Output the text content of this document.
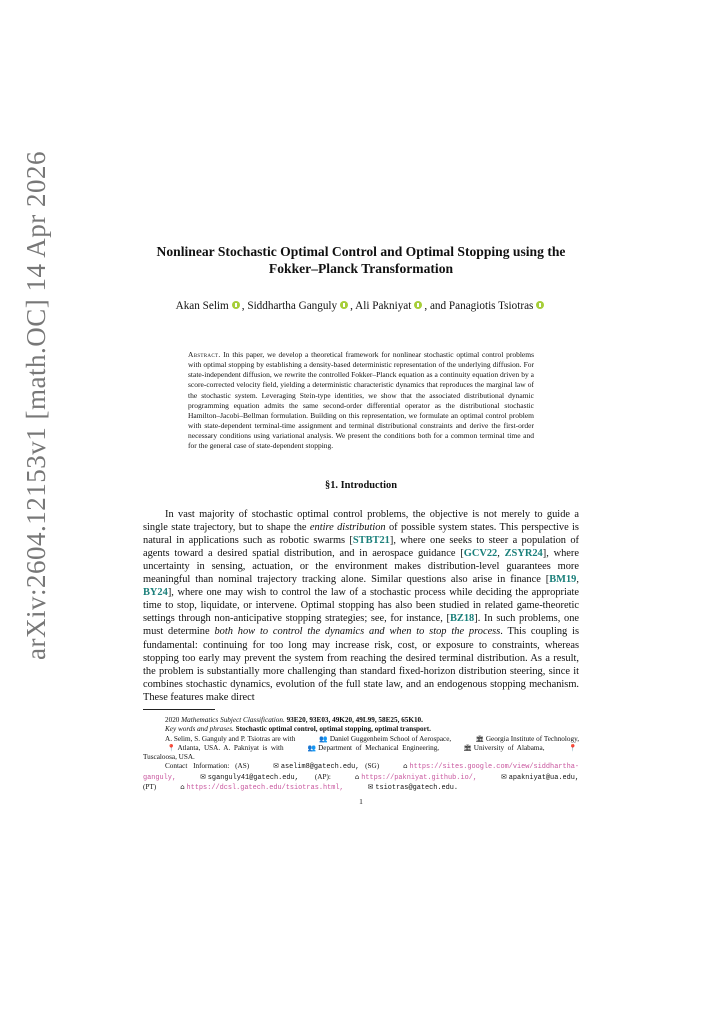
arXiv:2604.12153v1 [math.OC] 14 Apr 2026	Nonlinear Stochastic Optimal Control and Optimal Stopping using the
Fokker–Planck Transformation
Akan Selim , Siddhartha Ganguly , Ali Pakniyat , and Panagiotis Tsiotras
Abstract. In this paper, we develop a theoretical framework for nonlinear stochastic optimal control problems with optimal stopping by establishing a density-based deterministic representation of the underlying diffusion. For state-independent diffusion, we rewrite the controlled Fokker–Planck equation as a continuity equation driven by a score-corrected velocity field, yielding a deterministic characteristic dynamics that reproduces the marginal law of the stochastic system. Leveraging Stein-type identities, we show that the associated distributional dynamic programming equation admits the same second-order differential operator as the distributional stochastic Hamilton–Jacobi–Bellman formulation. Building on this representation, we formulate an optimal control problem with state-dependent terminal-time assignment and terminal distributional constraints and derive the first-order necessary conditions using variational analysis. We present the conditions both for a common terminal time and for the general case of state-dependent stopping.
§1. Introduction
In vast majority of stochastic optimal control problems, the objective is not merely to guide a single state trajectory, but to shape the entire distribution of possible system states. This perspective is natural in applications such as robotic swarms [STBT21], where one seeks to steer a population of agents toward a desired spatial distribution, and in aerospace guidance [GCV22, ZSYR24], where uncertainty in sensing, actuation, or the environment makes distribution-level guarantees more meaningful than nominal trajectory tracking alone. Similar questions also arise in finance [BM19, BY24], where one may wish to control the law of a stochastic process while deciding the appropriate time to stop, liquidate, or intervene. Optimal stopping has also been studied in related game-theoretic settings through non-anticipative stopping strategies; see, for instance, [BZ18]. In such problems, one must determine both how to control the dynamics and when to stop the process. This coupling is fundamental: continuing for too long may increase risk, cost, or exposure to constraints, whereas stopping too early may prevent the system from reaching the desired terminal distribution. As a result, the problem is substantially more challenging than standard fixed-horizon distribution steering, since it combines stochastic dynamics, evolution of the full state law, and an endogenous stopping mechanism. These features make direct
2020 Mathematics Subject Classification. 93E20, 93E03, 49K20, 49L99, 58E25, 65K10.
Key words and phrases. Stochastic optimal control, optimal stopping, optimal transport.
A. Selim, S. Ganguly and P. Tsiotras are with	👥 Daniel Guggenheim School of Aerospace,	🏛 Georgia Institute of Technology,📍 Atlanta, USA. A. Pakniyat is with	👥 Department of Mechanical Engineering,	🏛 University of Alabama,	📍Tuscaloosa, USA.
Contact Information: (AS)	✉ aselim8@gatech.edu, (SG)	⌂ https://sites.google.com/view/siddhartha-ganguly,	✉ sganguly41@gatech.edu, (AP):	⌂ https://pakniyat.github.io/,	✉ apakniyat@ua.edu, (PT)	⌂ https://dcsl.gatech.edu/tsiotras.html,	✉ tsiotras@gatech.edu.
1
